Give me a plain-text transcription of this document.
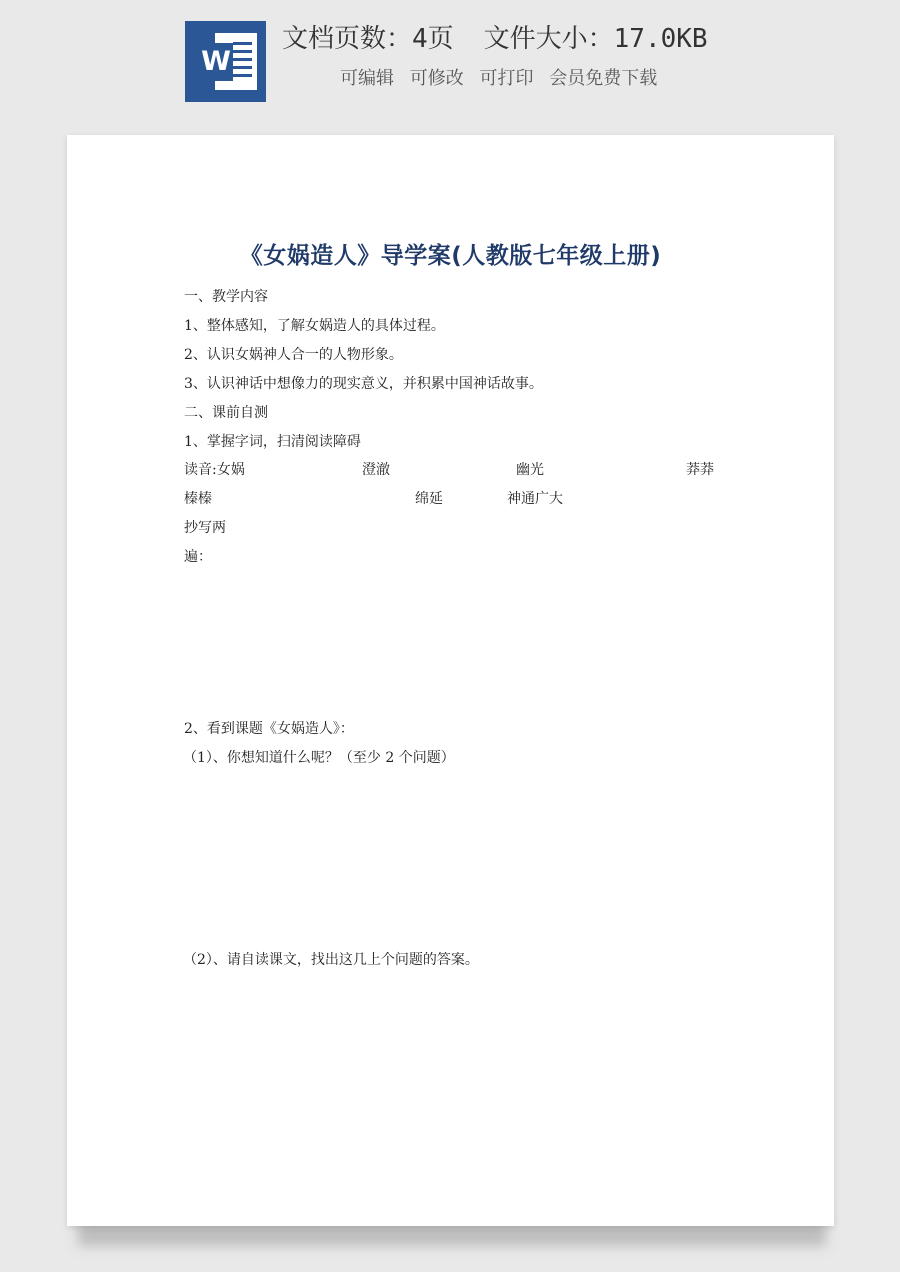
W
文档页数：4页 文件大小：17.0KB
可编辑 可修改 可打印 会员免费下载
《女娲造人》导学案(人教版七年级上册)
一、教学内容
1、整体感知，了解女娲造人的具体过程。
2、认识女娲神人合一的人物形象。
3、认识神话中想像力的现实意义，并积累中国神话故事。
二、课前自测
1、掌握字词，扫清阅读障碍
读音:女娲	澄澈	幽光	莽莽
榛榛	绵延	神通广大
抄写两
遍：
2、看到课题《女娲造人》：
（1）、你想知道什么呢？（至少 2 个问题）
（2）、请自读课文，找出这几上个问题的答案。
